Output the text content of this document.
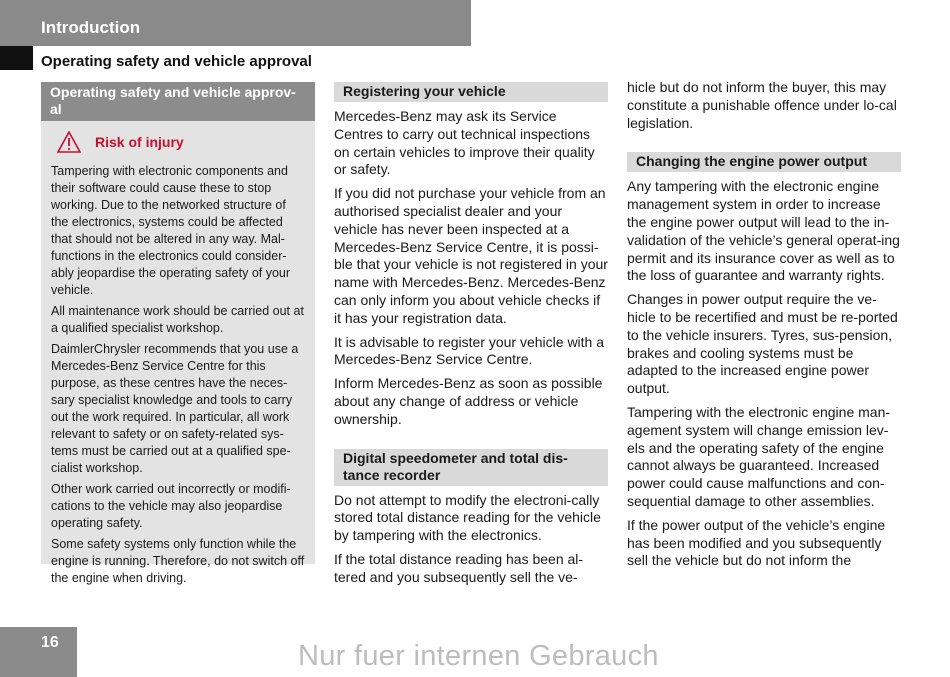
Introduction
Operating safety and vehicle approval
Operating safety and vehicle approv-
al
Risk of injury

Tampering with electronic components and their software could cause these to stop working. Due to the networked structure of the electronics, systems could be affected that should not be altered in any way. Mal-functions in the electronics could consider-ably jeopardise the operating safety of your vehicle.

All maintenance work should be carried out at a qualified specialist workshop.

DaimlerChrysler recommends that you use a Mercedes-Benz Service Centre for this purpose, as these centres have the neces-sary specialist knowledge and tools to carry out the work required. In particular, all work relevant to safety or on safety-related sys-tems must be carried out at a qualified spe-cialist workshop.

Other work carried out incorrectly or modifi-cations to the vehicle may also jeopardise operating safety.

Some safety systems only function while the engine is running. Therefore, do not switch off the engine when driving.

Registering your vehicle

Mercedes-Benz may ask its Service Centres to carry out technical inspections on certain vehicles to improve their quality or safety.

If you did not purchase your vehicle from an authorised specialist dealer and your vehicle has never been inspected at a Mercedes-Benz Service Centre, it is possi-ble that your vehicle is not registered in your name with Mercedes-Benz. Mercedes-Benz can only inform you about vehicle checks if it has your registration data.

It is advisable to register your vehicle with a Mercedes-Benz Service Centre.

Inform Mercedes-Benz as soon as possible about any change of address or vehicle ownership.

Digital speedometer and total dis-tance recorder

Do not attempt to modify the electroni-cally stored total distance reading for the vehicle by tampering with the electronics.

If the total distance reading has been al-tered and you subsequently sell the ve-

hicle but do not inform the buyer, this may constitute a punishable offence under lo-cal legislation.

Changing the engine power output

Any tampering with the electronic engine management system in order to increase the engine power output will lead to the in-validation of the vehicle’s general operat-ing permit and its insurance cover as well as to the loss of guarantee and warranty rights.

Changes in power output require the ve-hicle to be recertified and must be re-ported to the vehicle insurers. Tyres, sus-pension, brakes and cooling systems must be adapted to the increased engine power output.

Tampering with the electronic engine man-agement system will change emission lev-els and the operating safety of the engine cannot always be guaranteed. Increased power could cause malfunctions and con-sequential damage to other assemblies.

If the power output of the vehicle’s engine has been modified and you subsequently sell the vehicle but do not inform the

16	Nur fuer internen Gebrauch
